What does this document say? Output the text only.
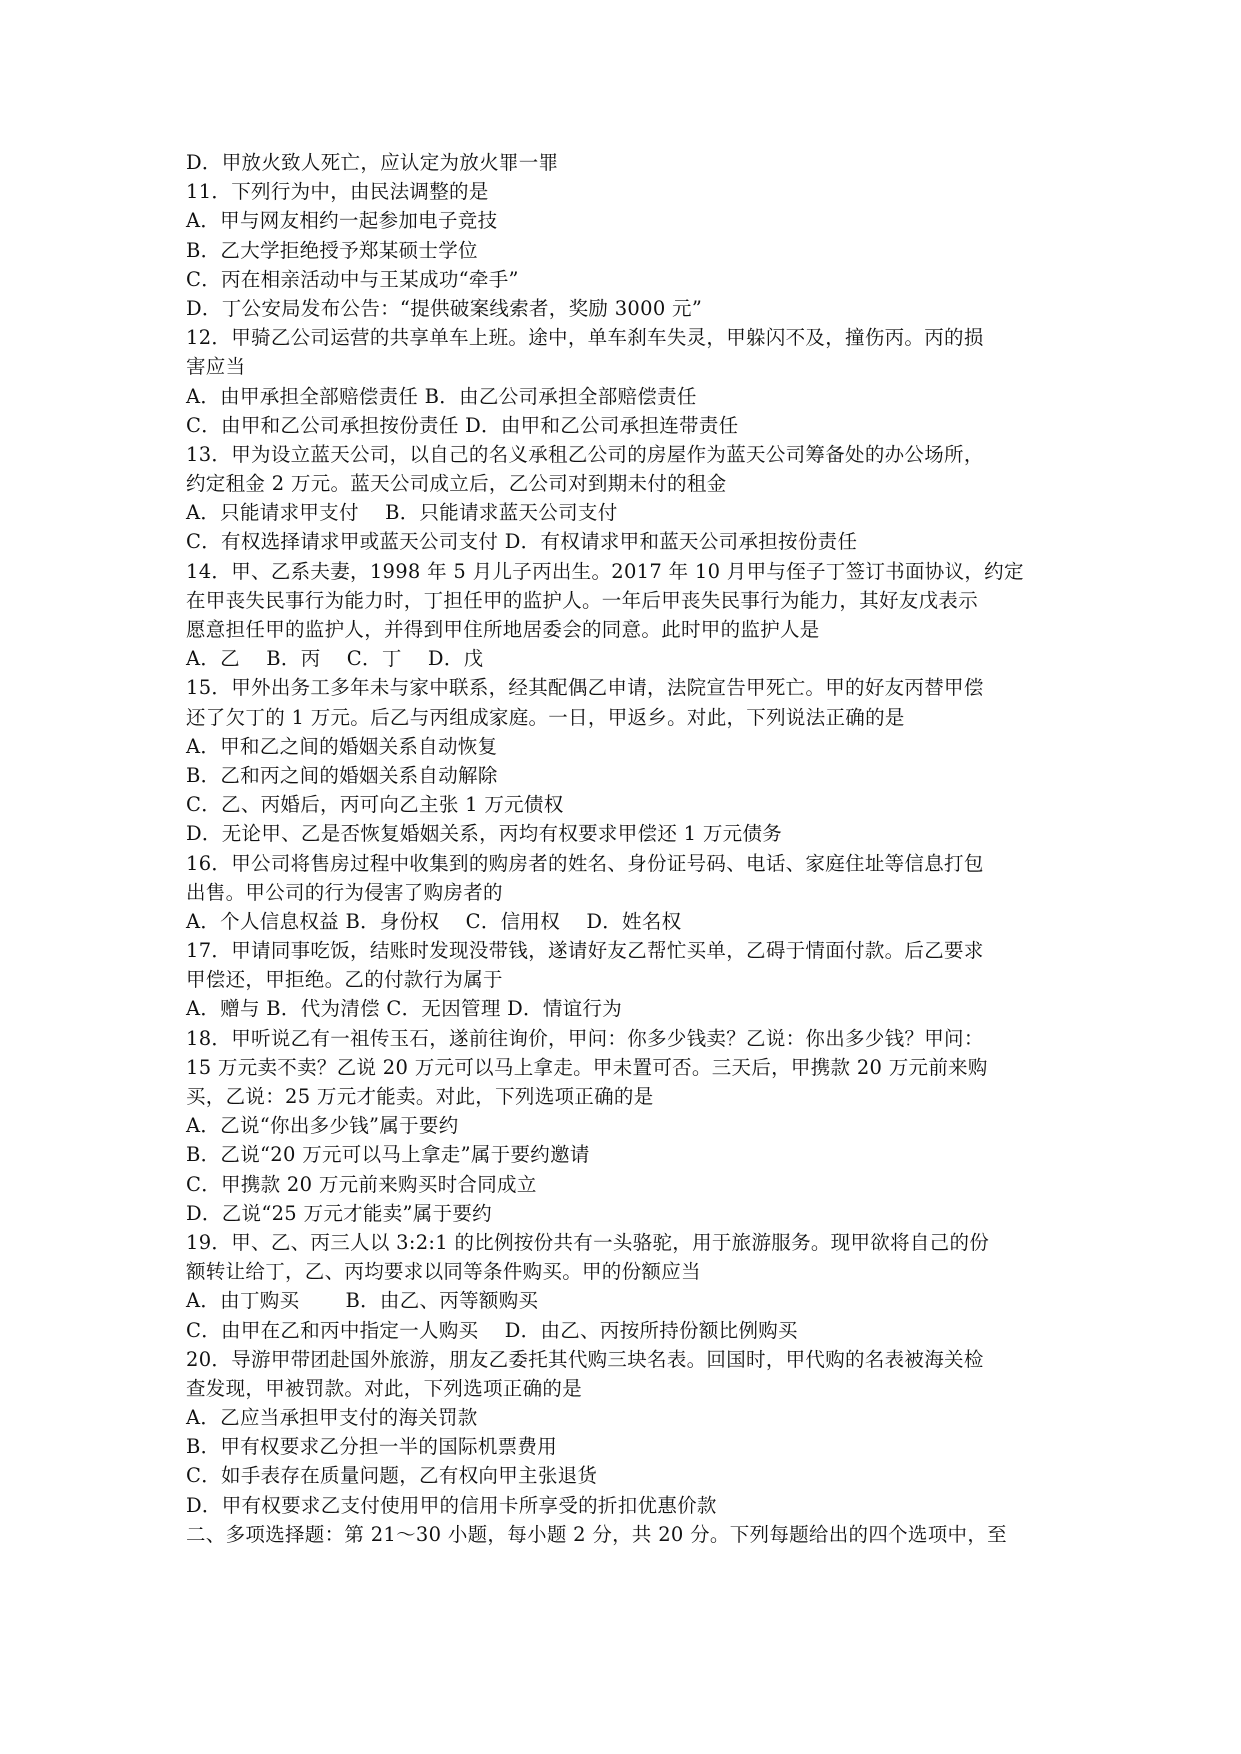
D．甲放火致人死亡，应认定为放火罪一罪
11．下列行为中，由民法调整的是
A．甲与网友相约一起参加电子竞技
B．乙大学拒绝授予郑某硕士学位
C．丙在相亲活动中与王某成功“牵手”
D．丁公安局发布公告：“提供破案线索者，奖励 3000 元”
12．甲骑乙公司运营的共享单车上班。途中，单车刹车失灵，甲躲闪不及，撞伤丙。丙的损
害应当
A．由甲承担全部赔偿责任 B．由乙公司承担全部赔偿责任
C．由甲和乙公司承担按份责任 D．由甲和乙公司承担连带责任
13．甲为设立蓝天公司，以自己的名义承租乙公司的房屋作为蓝天公司筹备处的办公场所，
约定租金 2 万元。蓝天公司成立后，乙公司对到期未付的租金
A．只能请求甲支付　 B．只能请求蓝天公司支付
C．有权选择请求甲或蓝天公司支付 D．有权请求甲和蓝天公司承担按份责任
14．甲、乙系夫妻，1998 年 5 月儿子丙出生。2017 年 10 月甲与侄子丁签订书面协议，约定
在甲丧失民事行为能力时，丁担任甲的监护人。一年后甲丧失民事行为能力，其好友戊表示
愿意担任甲的监护人，并得到甲住所地居委会的同意。此时甲的监护人是
A．乙　 B．丙　 C．丁　 D．戊
15．甲外出务工多年未与家中联系，经其配偶乙申请，法院宣告甲死亡。甲的好友丙替甲偿
还了欠丁的 1 万元。后乙与丙组成家庭。一日，甲返乡。对此，下列说法正确的是
A．甲和乙之间的婚姻关系自动恢复
B．乙和丙之间的婚姻关系自动解除
C．乙、丙婚后，丙可向乙主张 1 万元债权
D．无论甲、乙是否恢复婚姻关系，丙均有权要求甲偿还 1 万元债务
16．甲公司将售房过程中收集到的购房者的姓名、身份证号码、电话、家庭住址等信息打包
出售。甲公司的行为侵害了购房者的
A．个人信息权益 B．身份权　 C．信用权　 D．姓名权
17．甲请同事吃饭，结账时发现没带钱，遂请好友乙帮忙买单，乙碍于情面付款。后乙要求
甲偿还，甲拒绝。乙的付款行为属于
A．赠与 B．代为清偿 C．无因管理 D．情谊行为
18．甲听说乙有一祖传玉石，遂前往询价，甲问：你多少钱卖？乙说：你出多少钱？甲问：
15 万元卖不卖？乙说 20 万元可以马上拿走。甲未置可否。三天后，甲携款 20 万元前来购
买，乙说：25 万元才能卖。对此，下列选项正确的是
A．乙说“你出多少钱”属于要约
B．乙说“20 万元可以马上拿走”属于要约邀请
C．甲携款 20 万元前来购买时合同成立
D．乙说“25 万元才能卖”属于要约
19．甲、乙、丙三人以 3:2:1 的比例按份共有一头骆驼，用于旅游服务。现甲欲将自己的份
额转让给丁，乙、丙均要求以同等条件购买。甲的份额应当
A．由丁购买　　 B．由乙、丙等额购买
C．由甲在乙和丙中指定一人购买　 D．由乙、丙按所持份额比例购买
20．导游甲带团赴国外旅游，朋友乙委托其代购三块名表。回国时，甲代购的名表被海关检
查发现，甲被罚款。对此，下列选项正确的是
A．乙应当承担甲支付的海关罚款
B．甲有权要求乙分担一半的国际机票费用
C．如手表存在质量问题，乙有权向甲主张退货
D．甲有权要求乙支付使用甲的信用卡所享受的折扣优惠价款
二、多项选择题：第 21～30 小题，每小题 2 分，共 20 分。下列每题给出的四个选项中，至
